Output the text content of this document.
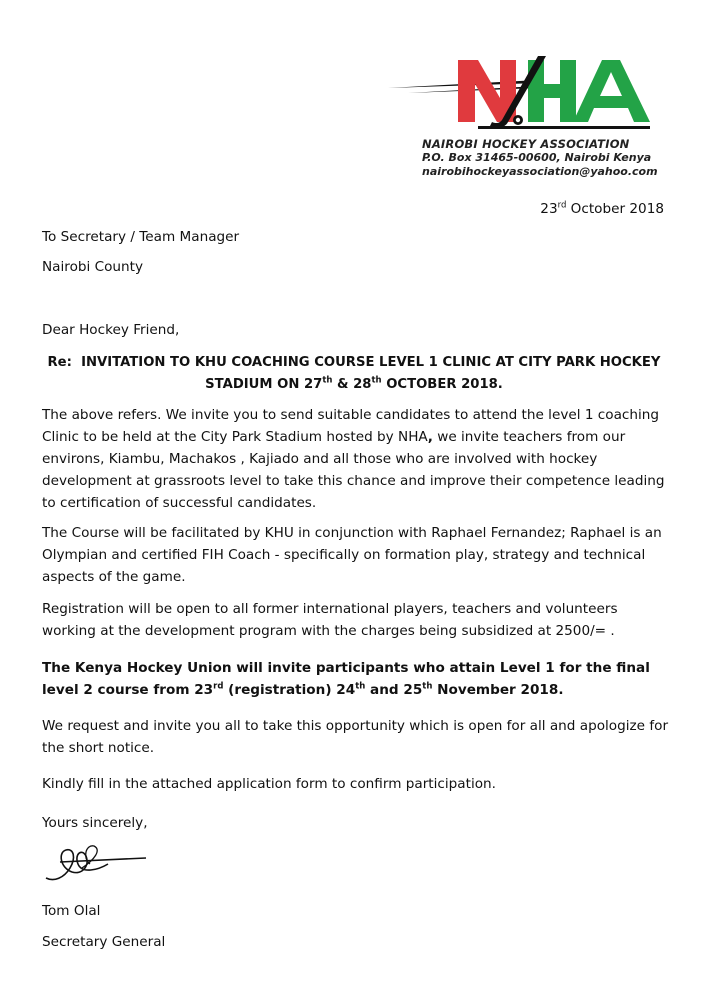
NAIROBI HOCKEY ASSOCIATION
P.O. Box 31465-00600, Nairobi Kenya
nairobihockeyassociation@yahoo.com
23rd October 2018
To Secretary / Team Manager
Nairobi County
Dear Hockey Friend,
Re: INVITATION TO KHU COACHING COURSE LEVEL 1 CLINIC AT CITY PARK HOCKEY
STADIUM ON 27th & 28th OCTOBER 2018.
The above refers. We invite you to send suitable candidates to attend the level 1 coaching Clinic to be held at the City Park Stadium hosted by NHA, we invite teachers from our environs, Kiambu, Machakos , Kajiado and all those who are involved with hockey development at grassroots level to take this chance and improve their competence leading to certification of successful candidates.
The Course will be facilitated by KHU in conjunction with Raphael Fernandez; Raphael is an Olympian and certified FIH Coach - specifically on formation play, strategy and technical aspects of the game.
Registration will be open to all former international players, teachers and volunteers working at the development program with the charges being subsidized at 2500/= .
The Kenya Hockey Union will invite participants who attain Level 1 for the final level 2 course from 23rd (registration) 24th and 25th November 2018.
We request and invite you all to take this opportunity which is open for all and apologize for the short notice.
Kindly fill in the attached application form to confirm participation.
Yours sincerely,
Tom Olal
Secretary General
